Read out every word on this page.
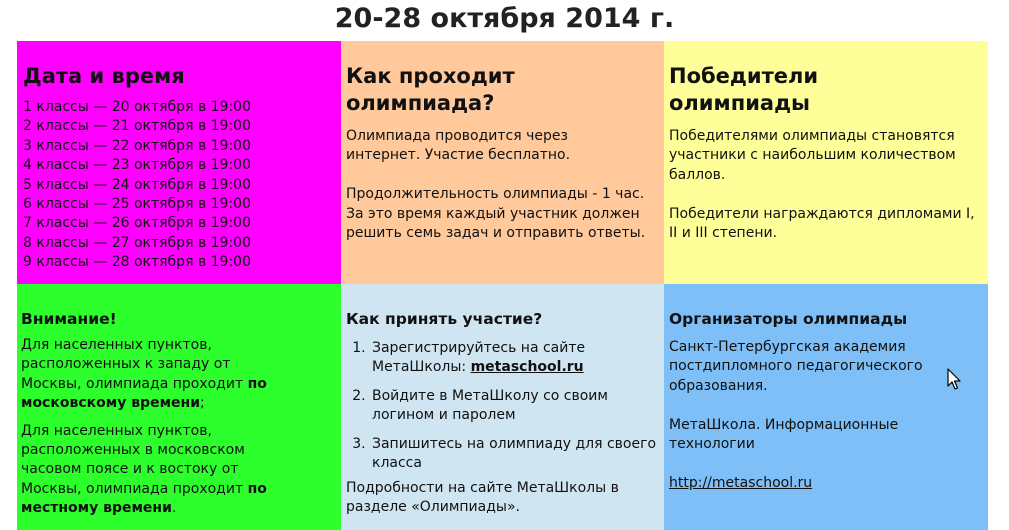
20-28 октября 2014 г.
Дата и время
1 классы — 20 октября в 19:00
2 классы — 21 октября в 19:00
3 классы — 22 октября в 19:00
4 классы — 23 октября в 19:00
5 классы — 24 октября в 19:00
6 классы — 25 октября в 19:00
7 классы — 26 октября в 19:00
8 классы — 27 октября в 19:00
9 классы — 28 октября в 19:00
Как проходит олимпиада?

Олимпиада проводится через интернет. Участие бесплатно.

Продолжительность олимпиады - 1 час. За это время каждый участник должен решить семь задач и отправить ответы.

Победители олимпиады

Победителями олимпиады становятся участники с наибольшим количеством баллов.

Победители награждаются дипломами I, II и III степени.

Внимание!

Для населенных пунктов, расположенных к западу от Москвы, олимпиада проходит по московскому времени;

Для населенных пунктов, расположенных в московском часовом поясе и к востоку от Москвы, олимпиада проходит по местному времени.

Как принять участие?
1. Зарегистрируйтесь на сайте МетаШколы: metaschool.ru
2. Войдите в МетаШколу со своим логином и паролем
3. Запишитесь на олимпиаду для своего класса
Подробности на сайте МетаШколы в разделе «Олимпиады».
Организаторы олимпиады

Санкт-Петербургская академия постдипломного педагогического образования.

МетаШкола. Информационные технологии

http://metaschool.ru
